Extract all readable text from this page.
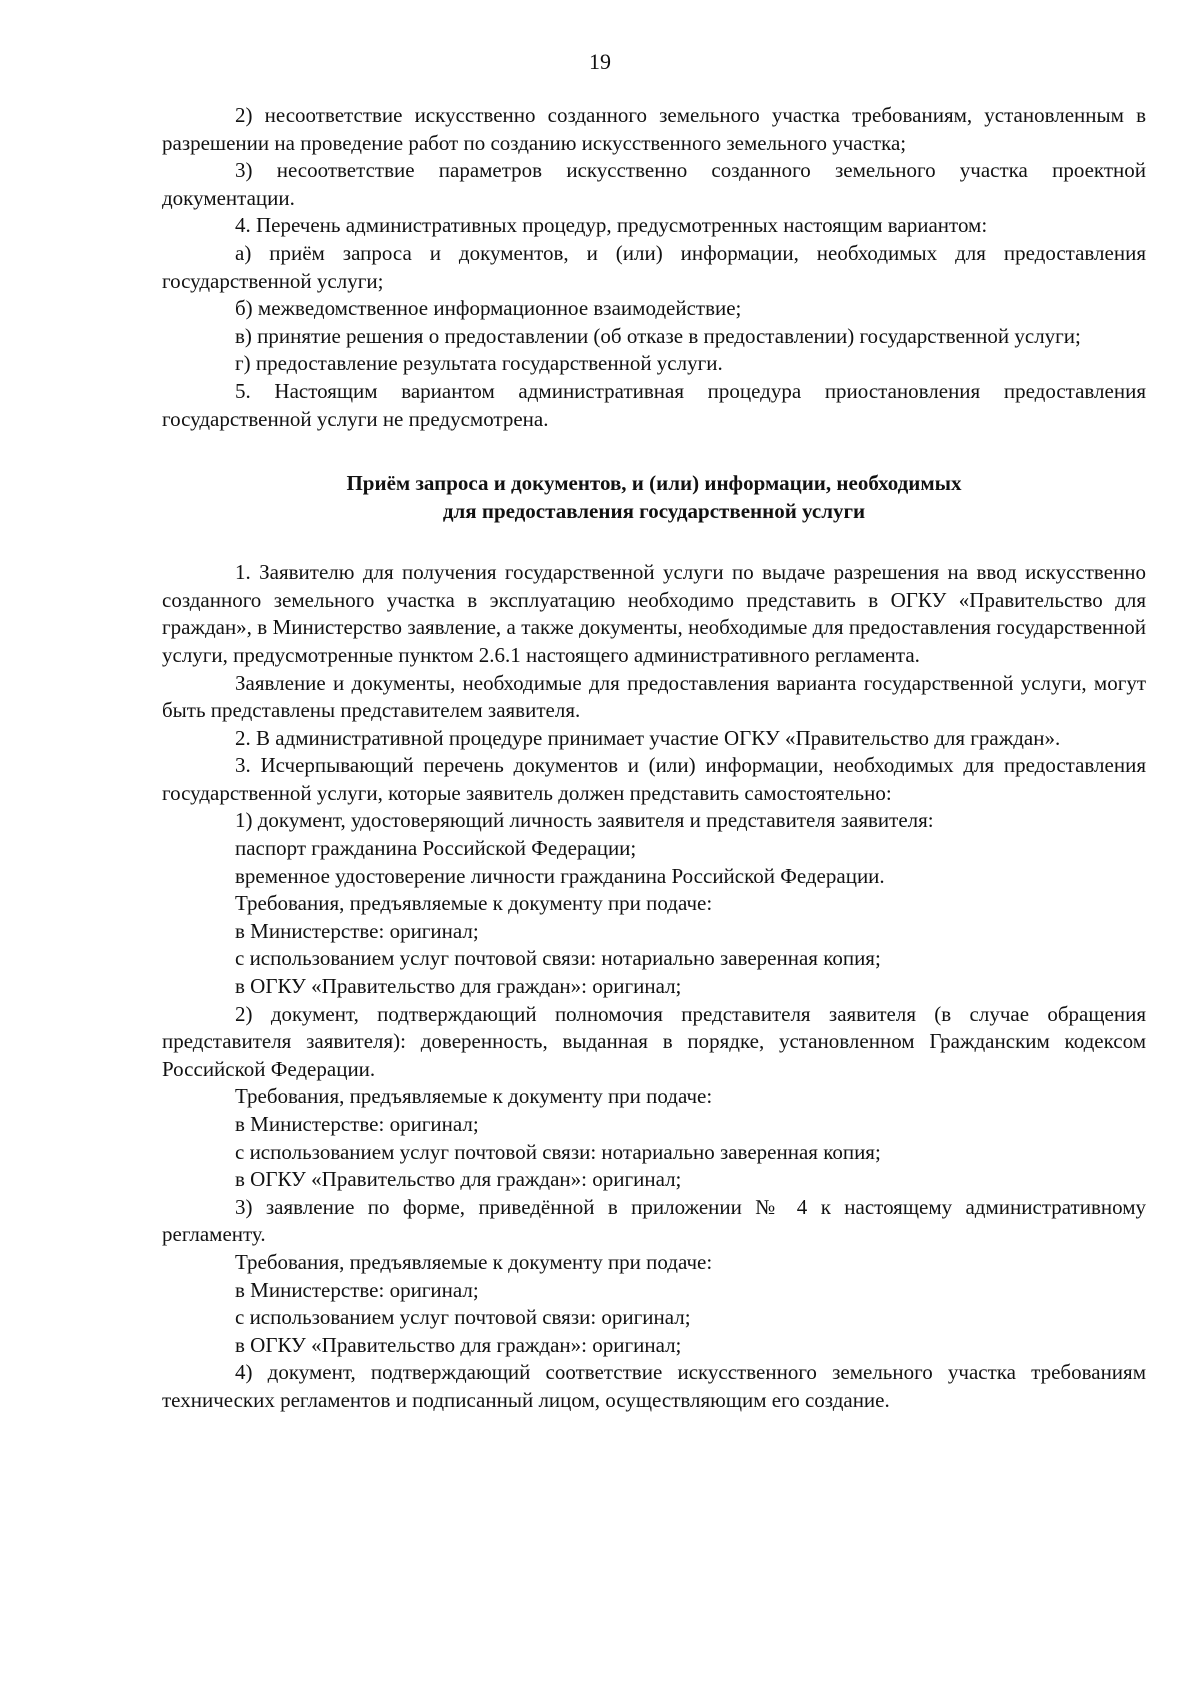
19

2) несоответствие искусственно созданного земельного участка требованиям, установленным в разрешении на проведение работ по созданию искусственного земельного участка;

3) несоответствие параметров искусственно созданного земельного участка проектной документации.

4. Перечень административных процедур, предусмотренных настоящим вариантом:

а) приём запроса и документов, и (или) информации, необходимых для предоставления государственной услуги;

б) межведомственное информационное взаимодействие;

в) принятие решения о предоставлении (об отказе в предоставлении) государственной услуги;

г) предоставление результата государственной услуги.

5. Настоящим вариантом административная процедура приостановления предоставления государственной услуги не предусмотрена.

Приём запроса и документов, и (или) информации, необходимых
для предоставления государственной услуги

1. Заявителю для получения государственной услуги по выдаче разрешения на ввод искусственно созданного земельного участка в эксплуатацию необходимо представить в ОГКУ «Правительство для граждан», в Министерство заявление, а также документы, необходимые для предоставления государственной услуги, предусмотренные пунктом 2.6.1 настоящего административного регламента.

Заявление и документы, необходимые для предоставления варианта государственной услуги, могут быть представлены представителем заявителя.

2. В административной процедуре принимает участие ОГКУ «Правительство для граждан».

3. Исчерпывающий перечень документов и (или) информации, необходимых для предоставления государственной услуги, которые заявитель должен представить самостоятельно:

1) документ, удостоверяющий личность заявителя и представителя заявителя:

паспорт гражданина Российской Федерации;

временное удостоверение личности гражданина Российской Федерации.

Требования, предъявляемые к документу при подаче:

в Министерстве: оригинал;

с использованием услуг почтовой связи: нотариально заверенная копия;

в ОГКУ «Правительство для граждан»: оригинал;

2) документ, подтверждающий полномочия представителя заявителя (в случае обращения представителя заявителя): доверенность, выданная в порядке, установленном Гражданским кодексом Российской Федерации.

Требования, предъявляемые к документу при подаче:

в Министерстве: оригинал;

с использованием услуг почтовой связи: нотариально заверенная копия;

в ОГКУ «Правительство для граждан»: оригинал;

3) заявление по форме, приведённой в приложении № 4 к настоящему административному регламенту.

Требования, предъявляемые к документу при подаче:

в Министерстве: оригинал;

с использованием услуг почтовой связи: оригинал;

в ОГКУ «Правительство для граждан»: оригинал;

4) документ, подтверждающий соответствие искусственного земельного участка требованиям технических регламентов и подписанный лицом, осуществляющим его создание.
